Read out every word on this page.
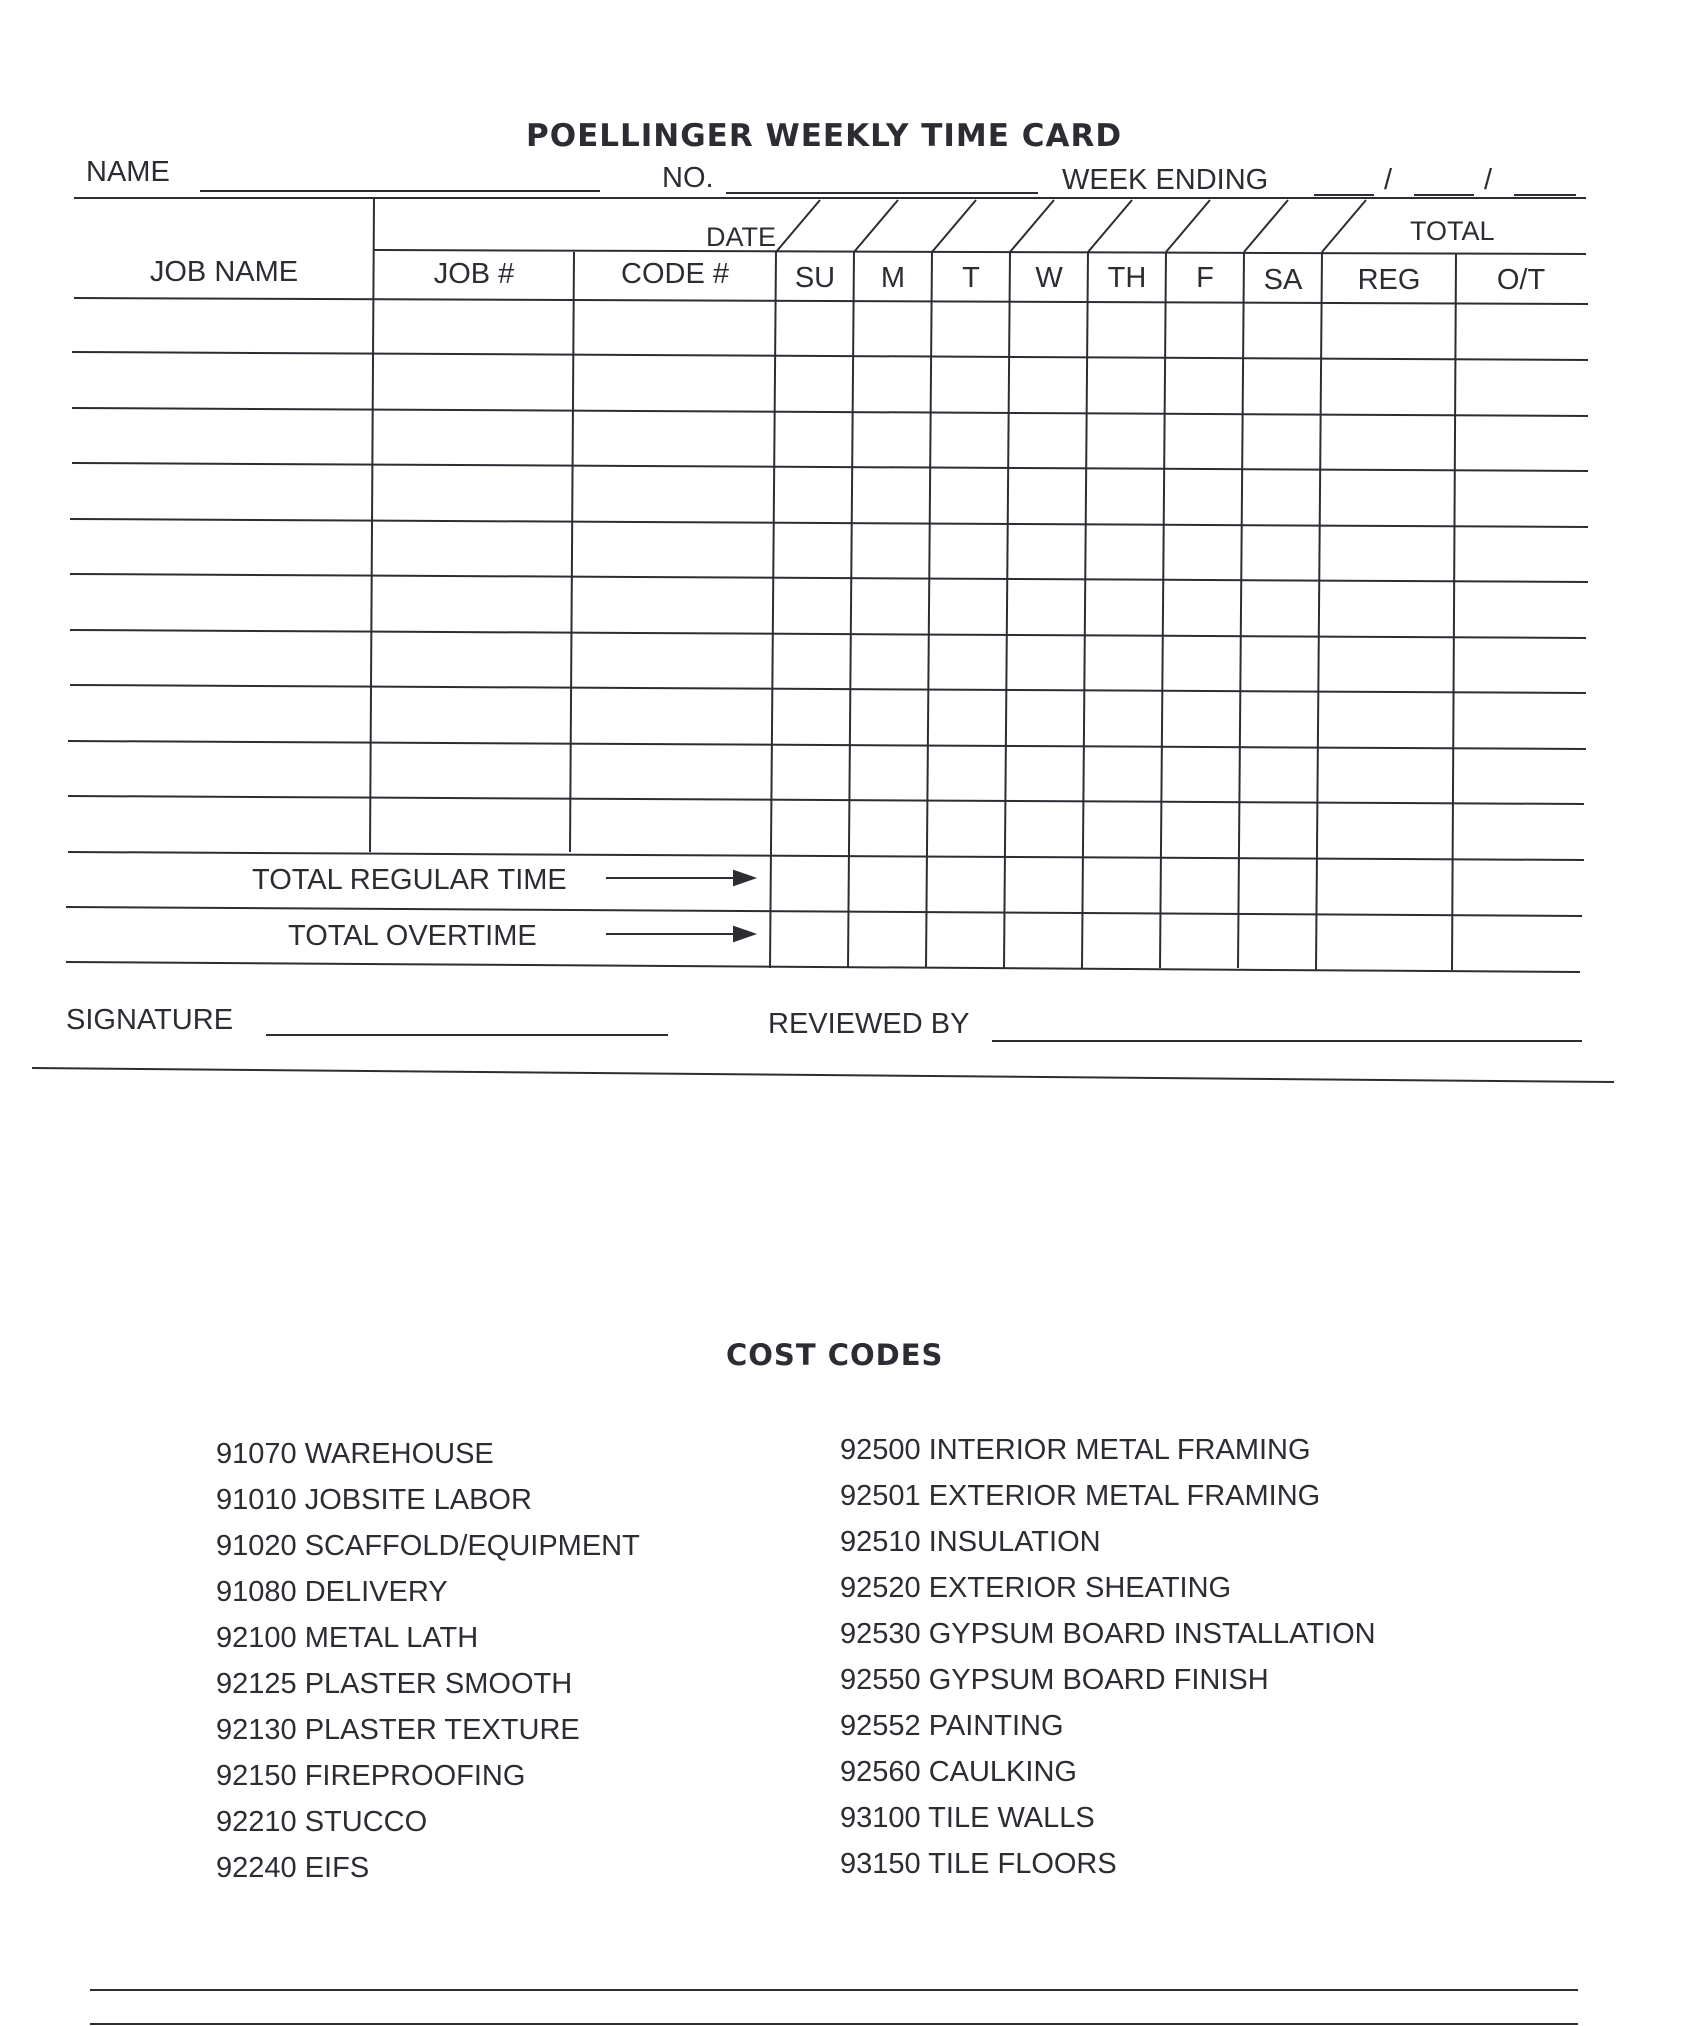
POELLINGER WEEKLY TIME CARD
NAME	NO.	WEEK ENDING	/	/
DATE	TOTAL
JOB NAME	JOB #	CODE #	SU	M	T	W	TH	F	SA	REG	O/T
TOTAL REGULAR TIME
TOTAL OVERTIME
SIGNATURE	REVIEWED BY
COST CODES
91070 WAREHOUSE
91010 JOBSITE LABOR
91020 SCAFFOLD/EQUIPMENT
91080 DELIVERY
92100 METAL LATH
92125 PLASTER SMOOTH
92130 PLASTER TEXTURE
92150 FIREPROOFING
92210 STUCCO
92240 EIFS
92500 INTERIOR METAL FRAMING
92501 EXTERIOR METAL FRAMING
92510 INSULATION
92520 EXTERIOR SHEATING
92530 GYPSUM BOARD INSTALLATION
92550 GYPSUM BOARD FINISH
92552 PAINTING
92560 CAULKING
93100 TILE WALLS
93150 TILE FLOORS
